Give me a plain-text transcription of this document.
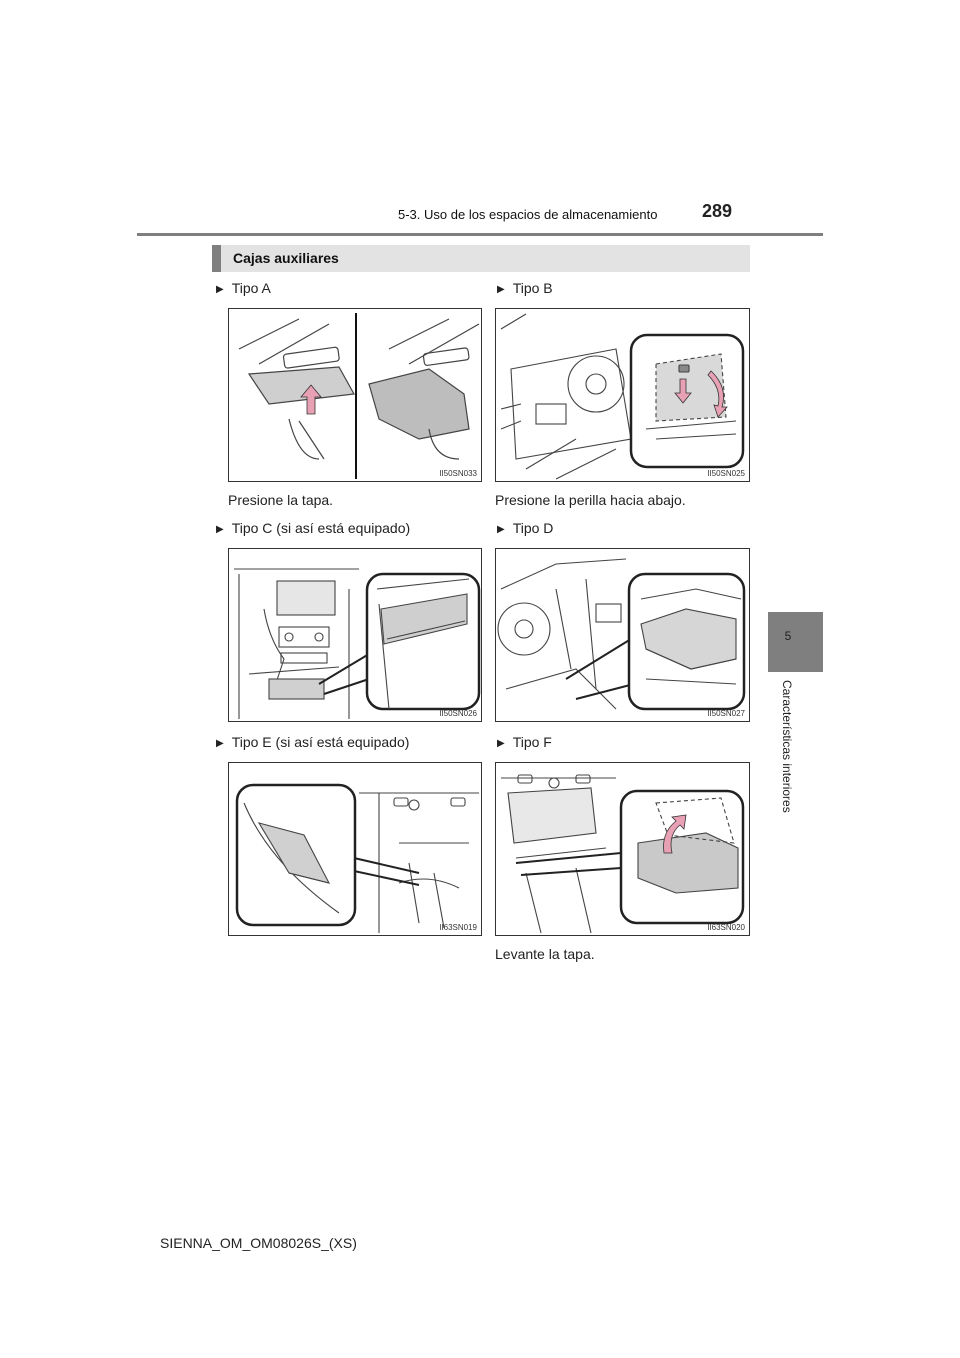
5-3. Uso de los espacios de almacenamiento 289
5
Características interiores
Cajas auxiliares
▶ Tipo A
II50SN033
Presione la tapa.
▶ Tipo B
II50SN025
Presione la perilla hacia abajo.
▶ Tipo C (si así está equipado)
II50SN026
▶ Tipo D
II50SN027
▶ Tipo E (si así está equipado)
II63SN019
▶ Tipo F
II63SN020
Levante la tapa.
SIENNA_OM_OM08026S_(XS)
